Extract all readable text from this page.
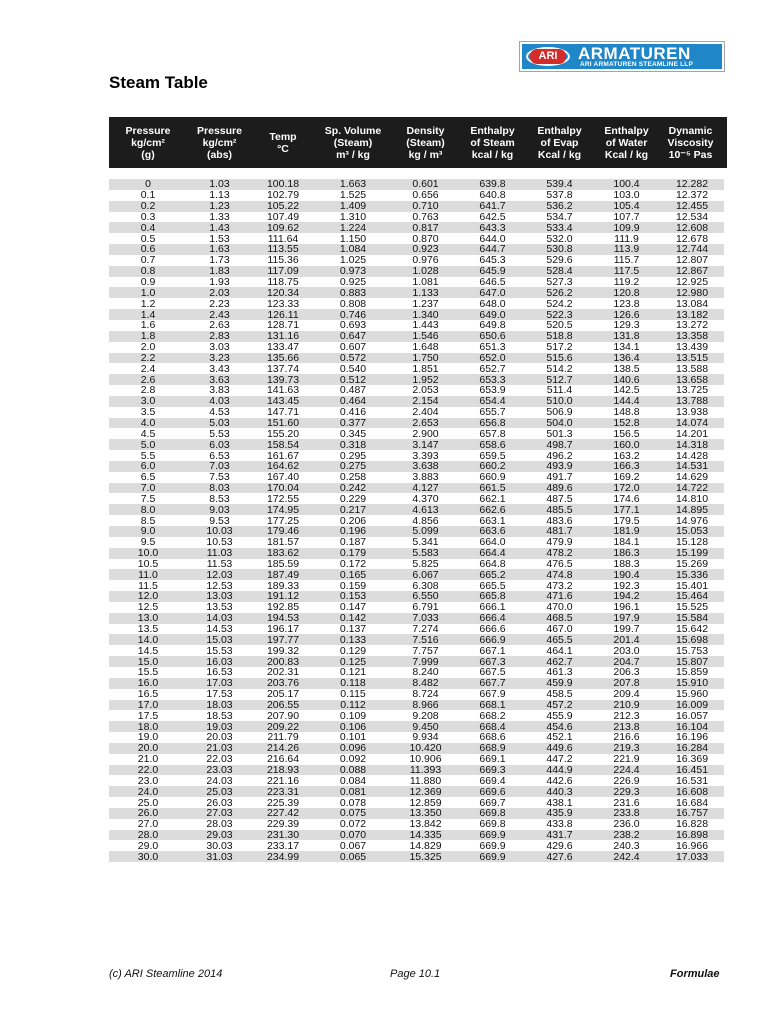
ARI	ARMATUREN
ARI ARMATUREN STEAMLINE LLP
Steam Table
Pressure
kg/cm²
(g)	Pressure
kg/cm²
(abs)	Temp
°C	Sp. Volume
(Steam)
m³ / kg	Density
(Steam)
kg / m³	Enthalpy
of Steam
kcal / kg	Enthalpy
of Evap
Kcal / kg	Enthalpy
of Water
Kcal / kg	Dynamic
Viscosity
10⁻⁵ Pas

0	1.03	100.18	1.663	0.601	639.8	539.4	100.4	12.282
0.1	1.13	102.79	1.525	0.656	640.8	537.8	103.0	12.372
0.2	1.23	105.22	1.409	0.710	641.7	536.2	105.4	12.455
0.3	1.33	107.49	1.310	0.763	642.5	534.7	107.7	12.534
0.4	1.43	109.62	1.224	0.817	643.3	533.4	109.9	12.608
0.5	1.53	111.64	1.150	0.870	644.0	532.0	111.9	12.678
0.6	1.63	113.55	1.084	0.923	644.7	530.8	113.9	12.744
0.7	1.73	115.36	1.025	0.976	645.3	529.6	115.7	12.807
0.8	1.83	117.09	0.973	1.028	645.9	528.4	117.5	12.867
0.9	1.93	118.75	0.925	1.081	646.5	527.3	119.2	12.925
1.0	2.03	120.34	0.883	1.133	647.0	526.2	120.8	12.980
1.2	2.23	123.33	0.808	1.237	648.0	524.2	123.8	13.084
1.4	2.43	126.11	0.746	1.340	649.0	522.3	126.6	13.182
1.6	2.63	128.71	0.693	1.443	649.8	520.5	129.3	13.272
1.8	2.83	131.16	0.647	1.546	650.6	518.8	131.8	13.358
2.0	3.03	133.47	0.607	1.648	651.3	517.2	134.1	13.439
2.2	3.23	135.66	0.572	1.750	652.0	515.6	136.4	13.515
2.4	3.43	137.74	0.540	1.851	652.7	514.2	138.5	13.588
2.6	3.63	139.73	0.512	1.952	653.3	512.7	140.6	13.658
2.8	3.83	141.63	0.487	2.053	653.9	511.4	142.5	13.725
3.0	4.03	143.45	0.464	2.154	654.4	510.0	144.4	13.788
3.5	4.53	147.71	0.416	2.404	655.7	506.9	148.8	13.938
4.0	5.03	151.60	0.377	2.653	656.8	504.0	152.8	14.074
4.5	5.53	155.20	0.345	2.900	657.8	501.3	156.5	14.201
5.0	6.03	158.54	0.318	3.147	658.6	498.7	160.0	14.318
5.5	6.53	161.67	0.295	3.393	659.5	496.2	163.2	14.428
6.0	7.03	164.62	0.275	3.638	660.2	493.9	166.3	14.531
6.5	7.53	167.40	0.258	3.883	660.9	491.7	169.2	14.629
7.0	8.03	170.04	0.242	4.127	661.5	489.6	172.0	14.722
7.5	8.53	172.55	0.229	4.370	662.1	487.5	174.6	14.810
8.0	9.03	174.95	0.217	4.613	662.6	485.5	177.1	14.895
8.5	9.53	177.25	0.206	4.856	663.1	483.6	179.5	14.976
9.0	10.03	179.46	0.196	5.099	663.6	481.7	181.9	15.053
9.5	10.53	181.57	0.187	5.341	664.0	479.9	184.1	15.128
10.0	11.03	183.62	0.179	5.583	664.4	478.2	186.3	15.199
10.5	11.53	185.59	0.172	5.825	664.8	476.5	188.3	15.269
11.0	12.03	187.49	0.165	6.067	665.2	474.8	190.4	15.336
11.5	12.53	189.33	0.159	6.308	665.5	473.2	192.3	15.401
12.0	13.03	191.12	0.153	6.550	665.8	471.6	194.2	15.464
12.5	13.53	192.85	0.147	6.791	666.1	470.0	196.1	15.525
13.0	14.03	194.53	0.142	7.033	666.4	468.5	197.9	15.584
13.5	14.53	196.17	0.137	7.274	666.6	467.0	199.7	15.642
14.0	15.03	197.77	0.133	7.516	666.9	465.5	201.4	15.698
14.5	15.53	199.32	0.129	7.757	667.1	464.1	203.0	15.753
15.0	16.03	200.83	0.125	7.999	667.3	462.7	204.7	15.807
15.5	16.53	202.31	0.121	8.240	667.5	461.3	206.3	15.859
16.0	17.03	203.76	0.118	8.482	667.7	459.9	207.8	15.910
16.5	17.53	205.17	0.115	8.724	667.9	458.5	209.4	15.960
17.0	18.03	206.55	0.112	8.966	668.1	457.2	210.9	16.009
17.5	18.53	207.90	0.109	9.208	668.2	455.9	212.3	16.057
18.0	19.03	209.22	0.106	9.450	668.4	454.6	213.8	16.104
19.0	20.03	211.79	0.101	9.934	668.6	452.1	216.6	16.196
20.0	21.03	214.26	0.096	10.420	668.9	449.6	219.3	16.284
21.0	22.03	216.64	0.092	10.906	669.1	447.2	221.9	16.369
22.0	23.03	218.93	0.088	11.393	669.3	444.9	224.4	16.451
23.0	24.03	221.16	0.084	11.880	669.4	442.6	226.9	16.531
24.0	25.03	223.31	0.081	12.369	669.6	440.3	229.3	16.608
25.0	26.03	225.39	0.078	12.859	669.7	438.1	231.6	16.684
26.0	27.03	227.42	0.075	13.350	669.8	435.9	233.8	16.757
27.0	28.03	229.39	0.072	13.842	669.8	433.8	236.0	16.828
28.0	29.03	231.30	0.070	14.335	669.9	431.7	238.2	16.898
29.0	30.03	233.17	0.067	14.829	669.9	429.6	240.3	16.966
30.0	31.03	234.99	0.065	15.325	669.9	427.6	242.4	17.033
(c) ARI Steamline 2014	Page 10.1	Formulae
